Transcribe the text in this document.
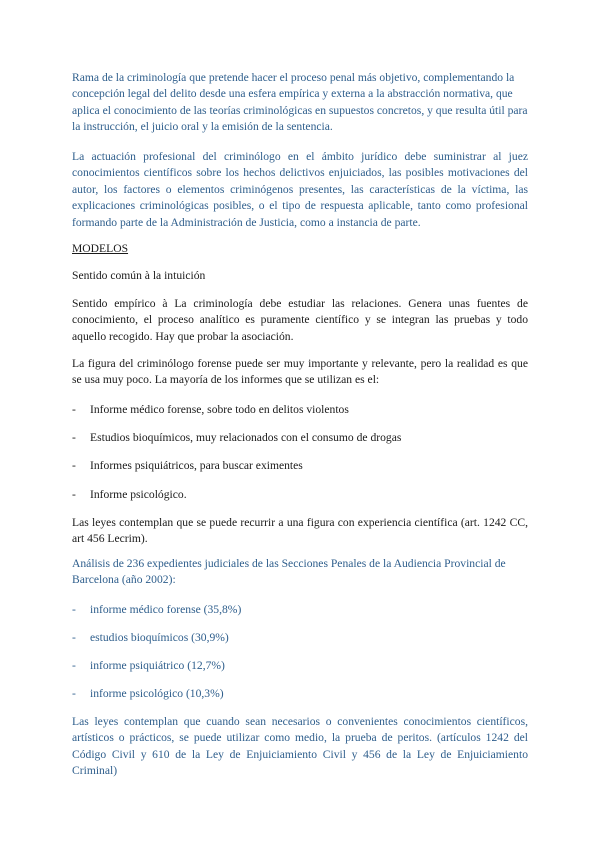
Rama de la criminología que pretende hacer el proceso penal más objetivo, complementando la concepción legal del delito desde una esfera empírica y externa a la abstracción normativa, que aplica el conocimiento de las teorías criminológicas en supuestos concretos, y que resulta útil para la instrucción, el juicio oral y la emisión de la sentencia.

La actuación profesional del criminólogo en el ámbito jurídico debe suministrar al juez conocimientos científicos sobre los hechos delictivos enjuiciados, las posibles motivaciones del autor, los factores o elementos criminógenos presentes, las características de la víctima, las explicaciones criminológicas posibles, o el tipo de respuesta aplicable, tanto como profesional formando parte de la Administración de Justicia, como a instancia de parte.

MODELOS

Sentido común à la intuición

Sentido empírico à La criminología debe estudiar las relaciones. Genera unas fuentes de conocimiento, el proceso analítico es puramente científico y se integran las pruebas y todo aquello recogido. Hay que probar la asociación.

La figura del criminólogo forense puede ser muy importante y relevante, pero la realidad es que se usa muy poco. La mayoría de los informes que se utilizan es el:

- Informe médico forense, sobre todo en delitos violentos
- Estudios bioquímicos, muy relacionados con el consumo de drogas
- Informes psiquiátricos, para buscar eximentes
- Informe psicológico.

Las leyes contemplan que se puede recurrir a una figura con experiencia científica (art. 1242 CC, art 456 Lecrim).

Análisis de 236 expedientes judiciales de las Secciones Penales de la Audiencia Provincial de Barcelona (año 2002):

- informe médico forense (35,8%)
- estudios bioquímicos (30,9%)
- informe psiquiátrico (12,7%)
- informe psicológico (10,3%)

Las leyes contemplan que cuando sean necesarios o convenientes conocimientos científicos, artísticos o prácticos, se puede utilizar como medio, la prueba de peritos. (artículos 1242 del Código Civil y 610 de la Ley de Enjuiciamiento Civil y 456 de la Ley de Enjuiciamiento Criminal)
